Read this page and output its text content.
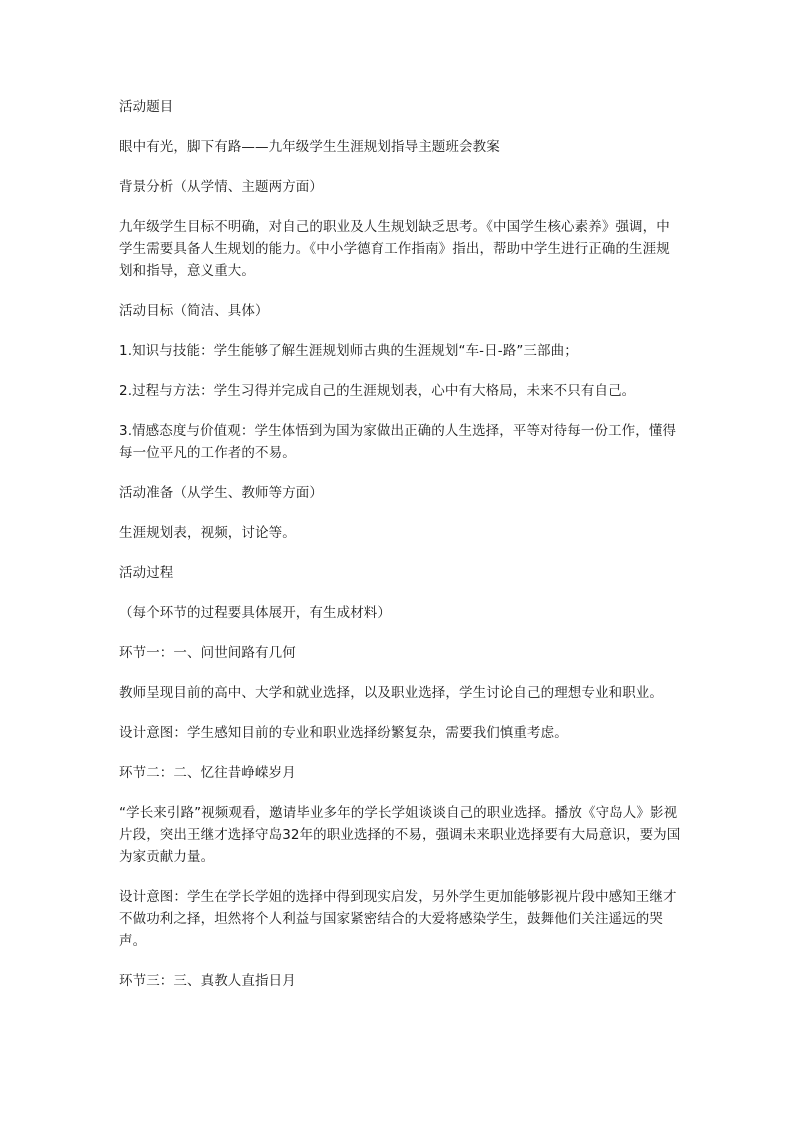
活动题目

眼中有光，脚下有路——九年级学生生涯规划指导主题班会教案

背景分析（从学情、主题两方面）

九年级学生目标不明确，对自己的职业及人生规划缺乏思考。《中国学生核心素养》强调，中学生需要具备人生规划的能力。《中小学德育工作指南》指出，帮助中学生进行正确的生涯规划和指导，意义重大。

活动目标（简洁、具体）

1.知识与技能：学生能够了解生涯规划师古典的生涯规划“车-日-路”三部曲；

2.过程与方法：学生习得并完成自己的生涯规划表，心中有大格局，未来不只有自己。

3.情感态度与价值观：学生体悟到为国为家做出正确的人生选择，平等对待每一份工作，懂得每一位平凡的工作者的不易。

活动准备（从学生、教师等方面）

生涯规划表，视频，讨论等。

活动过程

（每个环节的过程要具体展开，有生成材料）

环节一：一、问世间路有几何

教师呈现目前的高中、大学和就业选择，以及职业选择，学生讨论自己的理想专业和职业。

设计意图：学生感知目前的专业和职业选择纷繁复杂，需要我们慎重考虑。

环节二：二、忆往昔峥嵘岁月

“学长来引路”视频观看，邀请毕业多年的学长学姐谈谈自己的职业选择。播放《守岛人》影视片段，突出王继才选择守岛32年的职业选择的不易，强调未来职业选择要有大局意识，要为国为家贡献力量。

设计意图：学生在学长学姐的选择中得到现实启发，另外学生更加能够影视片段中感知王继才不做功利之择，坦然将个人利益与国家紧密结合的大爱将感染学生，鼓舞他们关注遥远的哭声。

环节三：三、真教人直指日月
